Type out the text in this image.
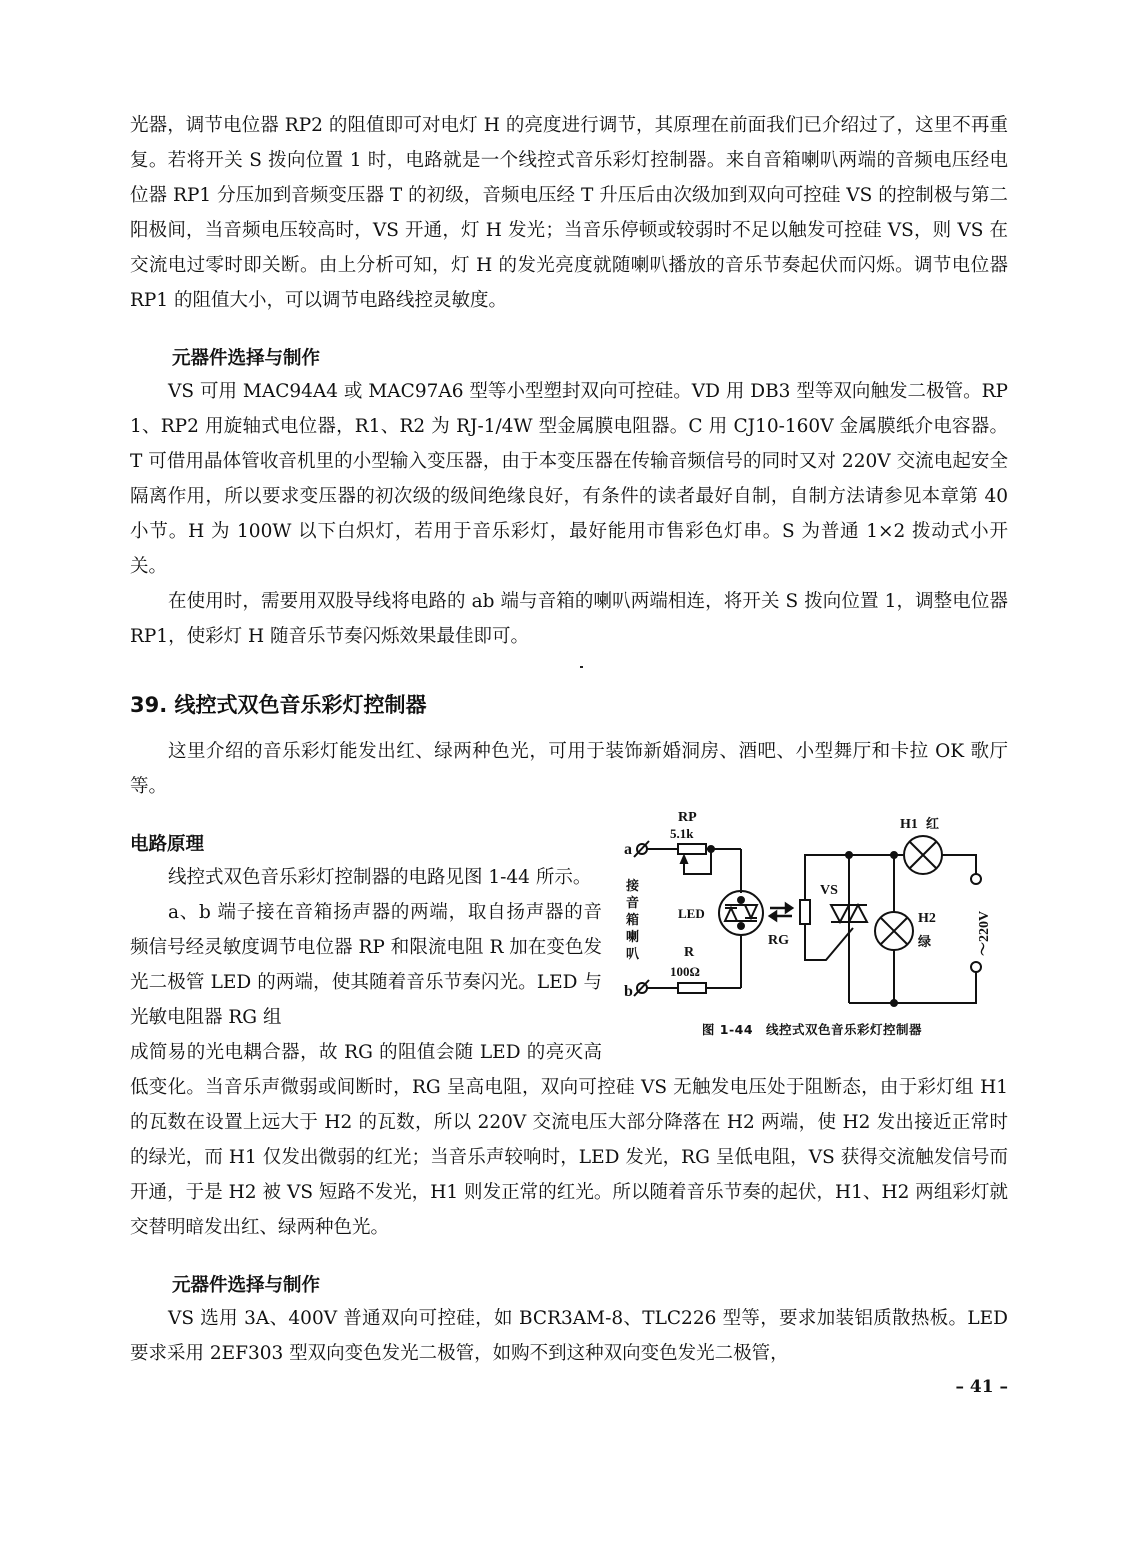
光器，调节电位器 RP2 的阻值即可对电灯 H 的亮度进行调节，其原理在前面我们已介绍过了，这里不再重复。若将开关 S 拨向位置 1 时，电路就是一个线控式音乐彩灯控制器。来自音箱喇叭两端的音频电压经电位器 RP1 分压加到音频变压器 T 的初级，音频电压经 T 升压后由次级加到双向可控硅 VS 的控制极与第二阳极间，当音频电压较高时，VS 开通，灯 H 发光；当音乐停顿或较弱时不足以触发可控硅 VS，则 VS 在交流电过零时即关断。由上分析可知，灯 H 的发光亮度就随喇叭播放的音乐节奏起伏而闪烁。调节电位器 RP1 的阻值大小，可以调节电路线控灵敏度。

元器件选择与制作

VS 可用 MAC94A4 或 MAC97A6 型等小型塑封双向可控硅。VD 用 DB3 型等双向触发二极管。RP1、RP2 用旋轴式电位器，R1、R2 为 RJ-1/4W 型金属膜电阻器。C 用 CJ10-160V 金属膜纸介电容器。T 可借用晶体管收音机里的小型输入变压器，由于本变压器在传输音频信号的同时又对 220V 交流电起安全隔离作用，所以要求变压器的初次级的级间绝缘良好，有条件的读者最好自制，自制方法请参见本章第 40 小节。H 为 100W 以下白炽灯，若用于音乐彩灯，最好能用市售彩色灯串。S 为普通 1×2 拨动式小开关。

在使用时，需要用双股导线将电路的 ab 端与音箱的喇叭两端相连，将开关 S 拨向位置 1，调整电位器 RP1，使彩灯 H 随音乐节奏闪烁效果最佳即可。

39. 线控式双色音乐彩灯控制器

这里介绍的音乐彩灯能发出红、绿两种色光，可用于装饰新婚洞房、酒吧、小型舞厅和卡拉 OK 歌厅等。

a
RP
5.1k
接
音
箱
喇
叭
LED
R
100Ω
b
RG
VS
H1 红
H2
绿	～220V
图 1-44　线控式双色音乐彩灯控制器
电路原理

线控式双色音乐彩灯控制器的电路见图 1-44 所示。

a、b 端子接在音箱扬声器的两端，取自扬声器的音频信号经灵敏度调节电位器 RP 和限流电阻 R 加在变色发光二极管 LED 的两端，使其随着音乐节奏闪光。LED 与光敏电阻器 RG 组

成简易的光电耦合器，故 RG 的阻值会随 LED 的亮灭高低变化。当音乐声微弱或间断时，RG 呈高电阻，双向可控硅 VS 无触发电压处于阻断态，由于彩灯组 H1 的瓦数在设置上远大于 H2 的瓦数，所以 220V 交流电压大部分降落在 H2 两端，使 H2 发出接近正常时的绿光，而 H1 仅发出微弱的红光；当音乐声较响时，LED 发光，RG 呈低电阻，VS 获得交流触发信号而开通，于是 H2 被 VS 短路不发光，H1 则发正常的红光。所以随着音乐节奏的起伏，H1、H2 两组彩灯就交替明暗发出红、绿两种色光。

元器件选择与制作

VS 选用 3A、400V 普通双向可控硅，如 BCR3AM-8、TLC226 型等，要求加装铝质散热板。LED 要求采用 2EF303 型双向变色发光二极管，如购不到这种双向变色发光二极管，

– 41 –
